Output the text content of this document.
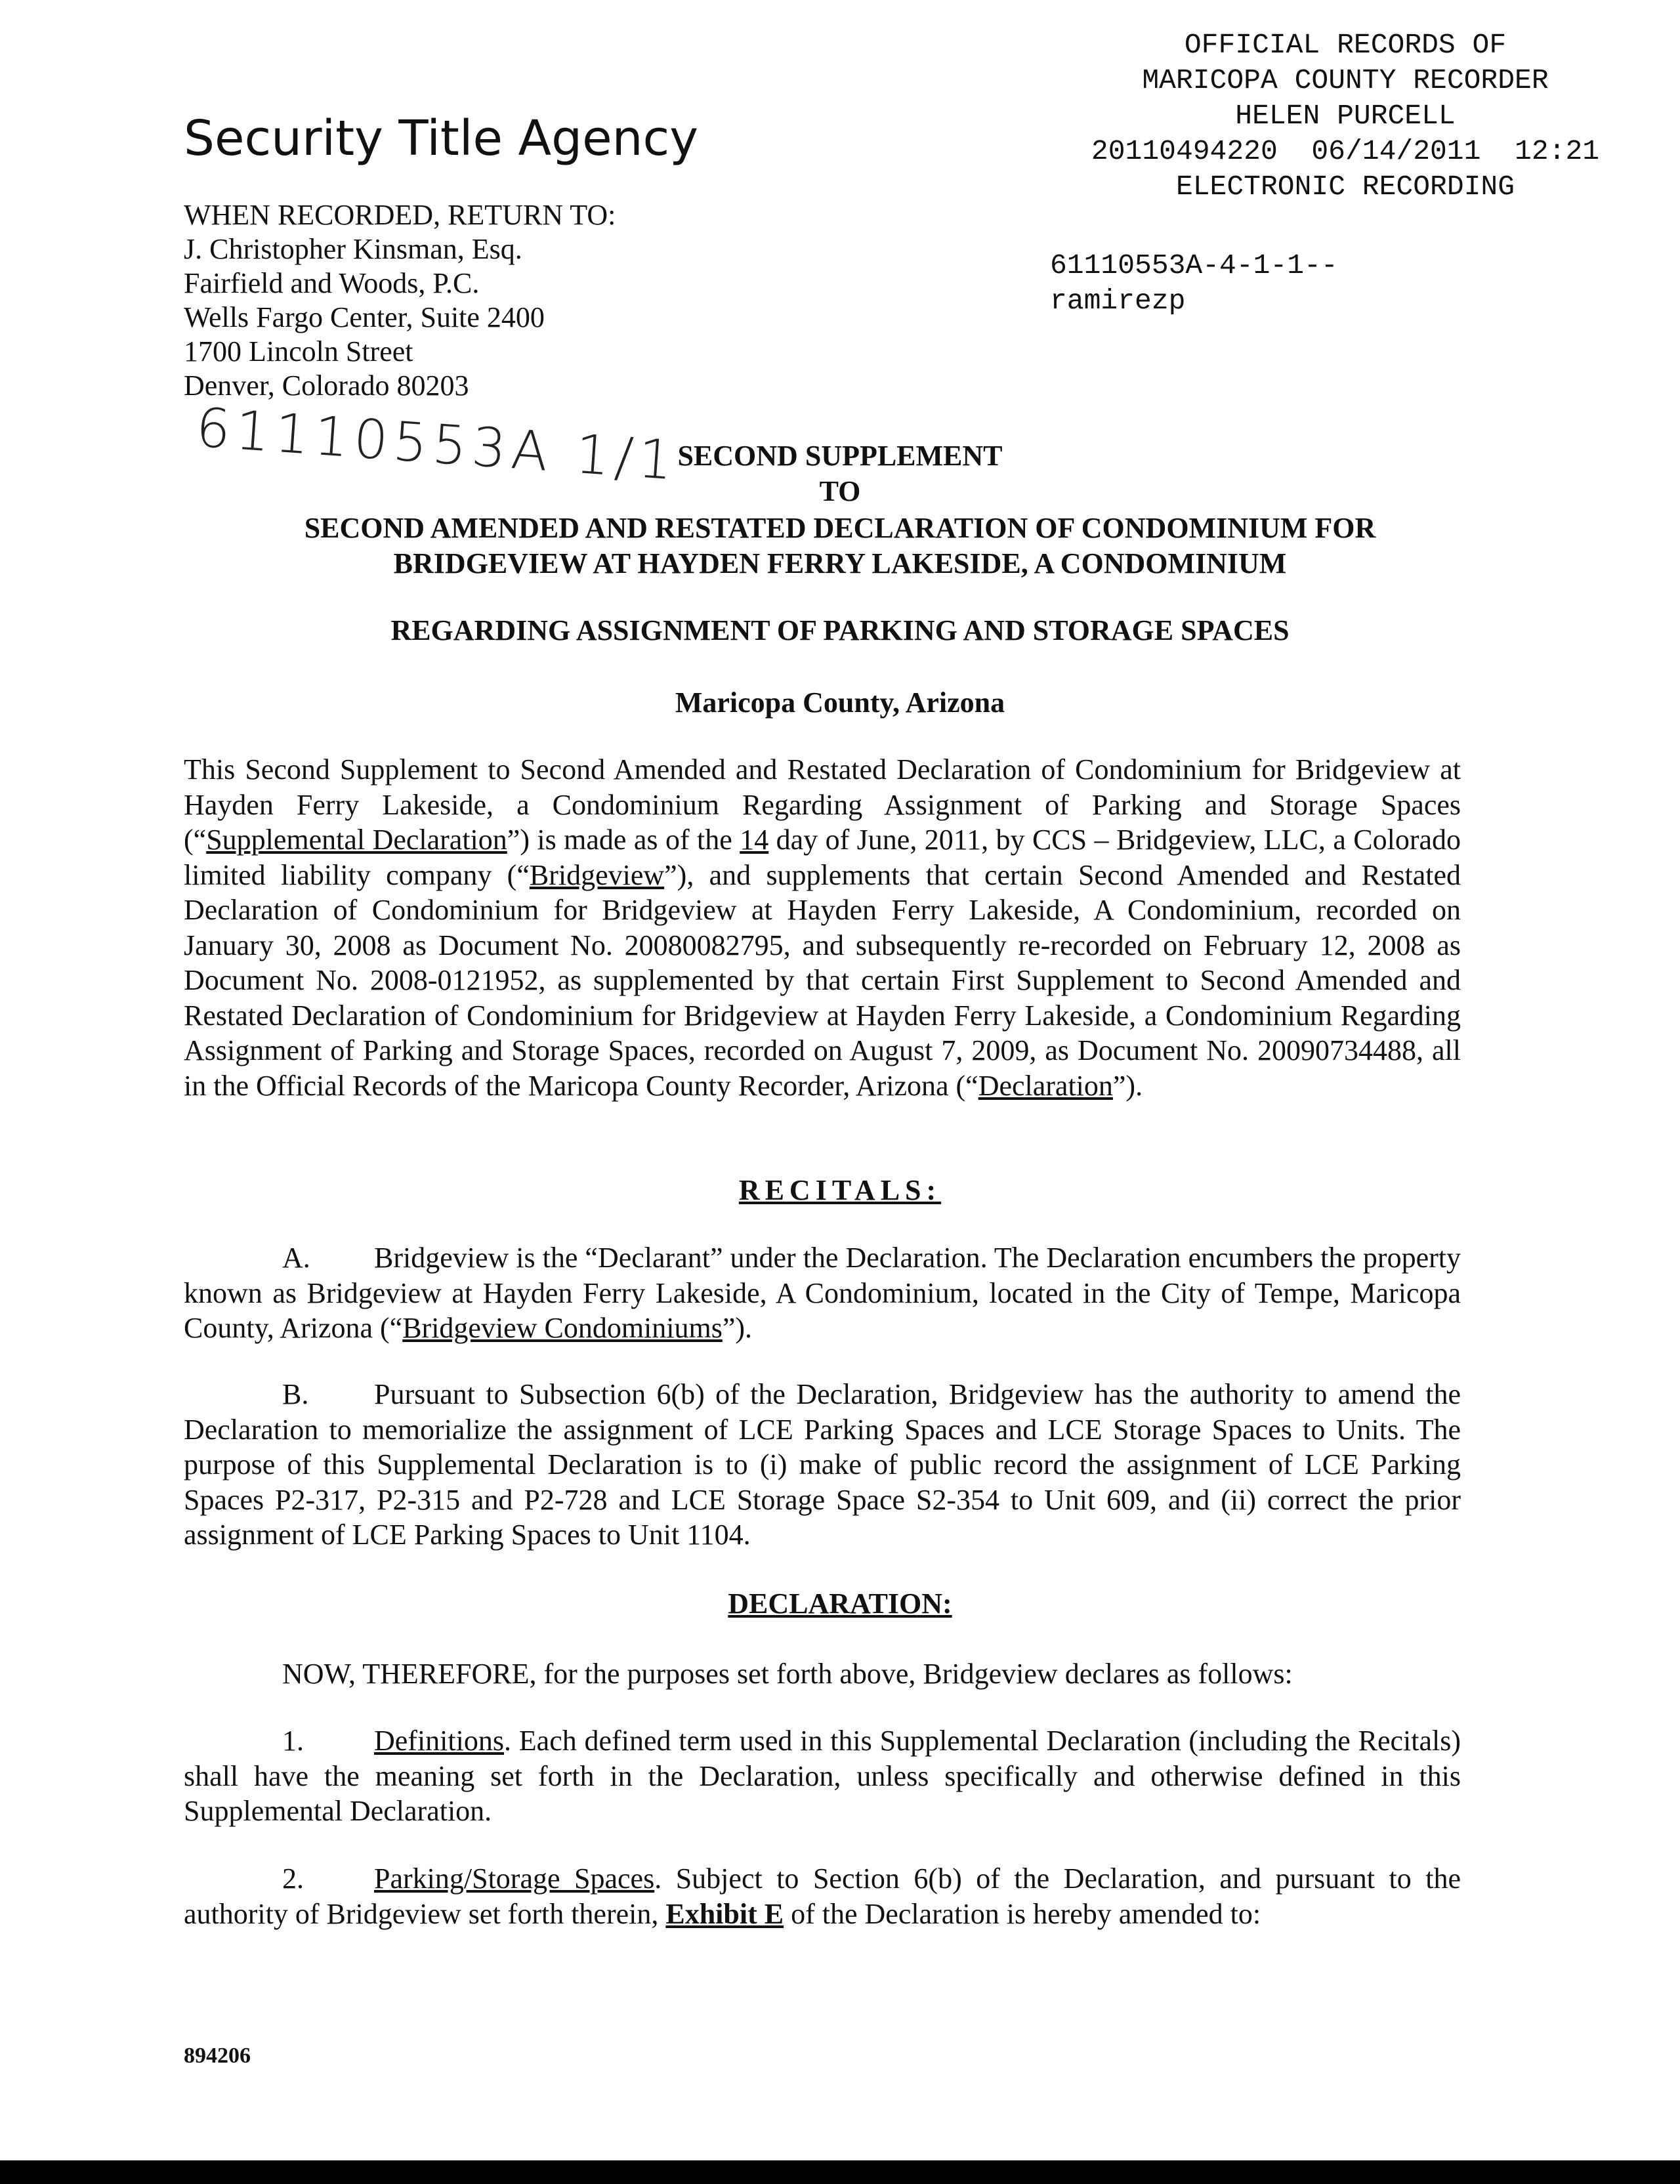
Security Title Agency
WHEN RECORDED, RETURN TO:
J. Christopher Kinsman, Esq.
Fairfield and Woods, P.C.
Wells Fargo Center, Suite 2400
1700 Lincoln Street
Denver, Colorado 80203
61110553A 1/1
OFFICIAL RECORDS OF
MARICOPA COUNTY RECORDER
HELEN PURCELL
20110494220  06/14/2011  12:21
ELECTRONIC RECORDING
61110553A-4-1-1--
ramirezp
SECOND SUPPLEMENT
TO
SECOND AMENDED AND RESTATED DECLARATION OF CONDOMINIUM FOR
BRIDGEVIEW AT HAYDEN FERRY LAKESIDE, A CONDOMINIUM
REGARDING ASSIGNMENT OF PARKING AND STORAGE SPACES
Maricopa County, Arizona
This Second Supplement to Second Amended and Restated Declaration of Condominium for Bridgeview at Hayden Ferry Lakeside, a Condominium Regarding Assignment of Parking and Storage Spaces (“Supplemental Declaration”) is made as of the 14 day of June, 2011, by CCS – Bridgeview, LLC, a Colorado limited liability company (“Bridgeview”), and supplements that certain Second Amended and Restated Declaration of Condominium for Bridgeview at Hayden Ferry Lakeside, A Condominium, recorded on January 30, 2008 as Document No. 20080082795, and subsequently re-recorded on February 12, 2008 as Document No. 2008-0121952, as supplemented by that certain First Supplement to Second Amended and Restated Declaration of Condominium for Bridgeview at Hayden Ferry Lakeside, a Condominium Regarding Assignment of Parking and Storage Spaces, recorded on August 7, 2009, as Document No. 20090734488, all in the Official Records of the Maricopa County Recorder, Arizona (“Declaration”).
RECITALS:
A. Bridgeview is the “Declarant” under the Declaration. The Declaration encumbers the property known as Bridgeview at Hayden Ferry Lakeside, A Condominium, located in the City of Tempe, Maricopa County, Arizona (“Bridgeview Condominiums”).
B. Pursuant to Subsection 6(b) of the Declaration, Bridgeview has the authority to amend the Declaration to memorialize the assignment of LCE Parking Spaces and LCE Storage Spaces to Units. The purpose of this Supplemental Declaration is to (i) make of public record the assignment of LCE Parking Spaces P2-317, P2-315 and P2-728 and LCE Storage Space S2-354 to Unit 609, and (ii) correct the prior assignment of LCE Parking Spaces to Unit 1104.
DECLARATION:
NOW, THEREFORE, for the purposes set forth above, Bridgeview declares as follows:
1. Definitions. Each defined term used in this Supplemental Declaration (including the Recitals) shall have the meaning set forth in the Declaration, unless specifically and otherwise defined in this Supplemental Declaration.
2. Parking/Storage Spaces. Subject to Section 6(b) of the Declaration, and pursuant to the authority of Bridgeview set forth therein, Exhibit E of the Declaration is hereby amended to:
894206
